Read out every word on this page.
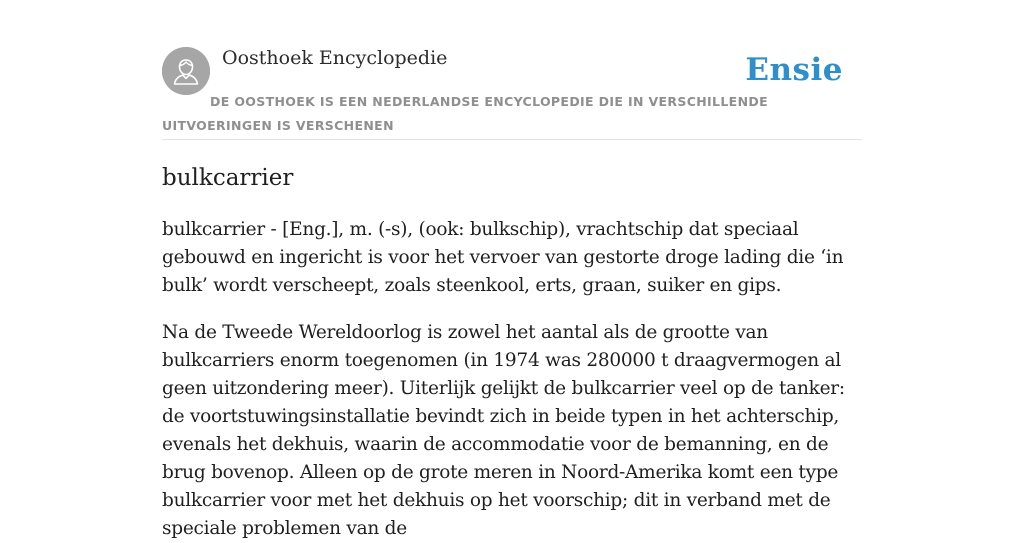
Oosthoek Encyclopedie	Ensie
DE OOSTHOEK IS EEN NEDERLANDSE ENCYCLOPEDIE DIE IN VERSCHILLENDE UITVOERINGEN IS VERSCHENEN
bulkcarrier

bulkcarrier - [Eng.], m. (-s), (ook: bulkschip), vrachtschip dat speciaal gebouwd en ingericht is voor het vervoer van gestorte droge lading die ‘in bulk’ wordt verscheept, zoals steenkool, erts, graan, suiker en gips.

Na de Tweede Wereldoorlog is zowel het aantal als de grootte van bulkcarriers enorm toegenomen (in 1974 was 280000 t draagvermogen al geen uitzondering meer). Uiterlijk gelijkt de bulkcarrier veel op de tanker: de voortstuwingsinstallatie bevindt zich in beide typen in het achterschip, evenals het dekhuis, waarin de accommodatie voor de bemanning, en de brug bovenop. Alleen op de grote meren in Noord-Amerika komt een type bulkcarrier voor met het dekhuis op het voorschip; dit in verband met de speciale problemen van de
